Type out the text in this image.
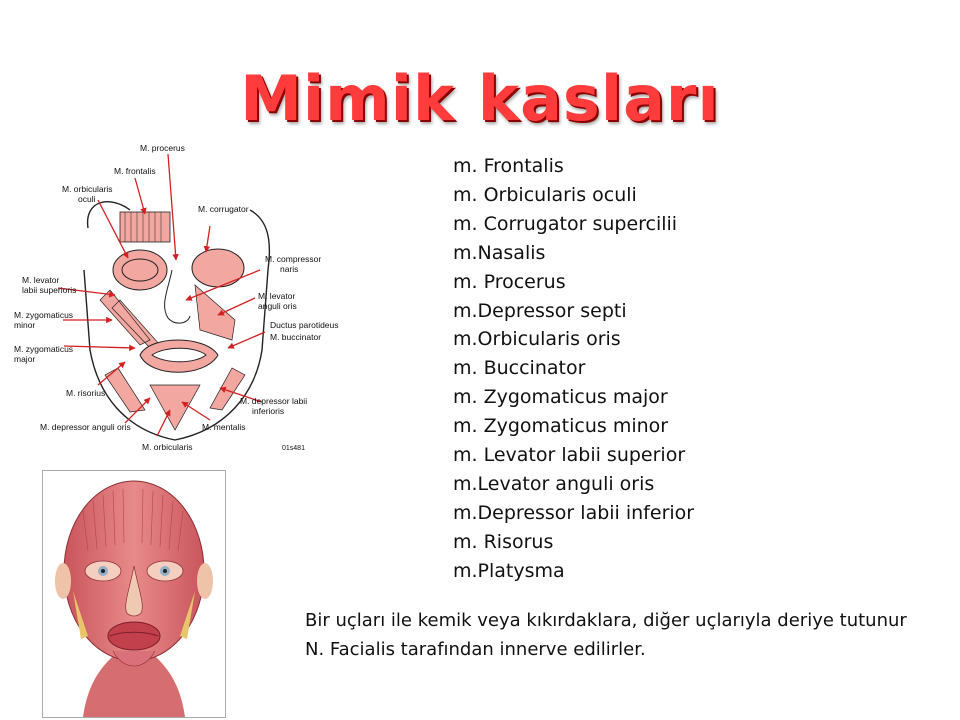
Mimik kasları
M. procerus
M. frontalis
M. orbicularis
oculi
M. corrugator
M. compressor
naris
M. levator
labii superioris
M. levator
anguli oris
M. zygomaticus
minor	Ductus parotideus
M. buccinator
M. zygomaticus
major
M. risorius
M. depressor labii
inferioris
M. depressor anguli oris	M. mentalis
M. orbicularis	01s481
m. Frontalis
m. Orbicularis oculi
m. Corrugator supercilii
m.Nasalis
m. Procerus
m.Depressor septi
m.Orbicularis oris
m. Buccinator
m. Zygomaticus major
m. Zygomaticus minor
m. Levator labii superior
m.Levator anguli oris
m.Depressor labii inferior
m. Risorus
m.Platysma
Bir uçları ile kemik veya kıkırdaklara, diğer uçlarıyla deriye tutunur
N. Facialis tarafından innerve edilirler.
